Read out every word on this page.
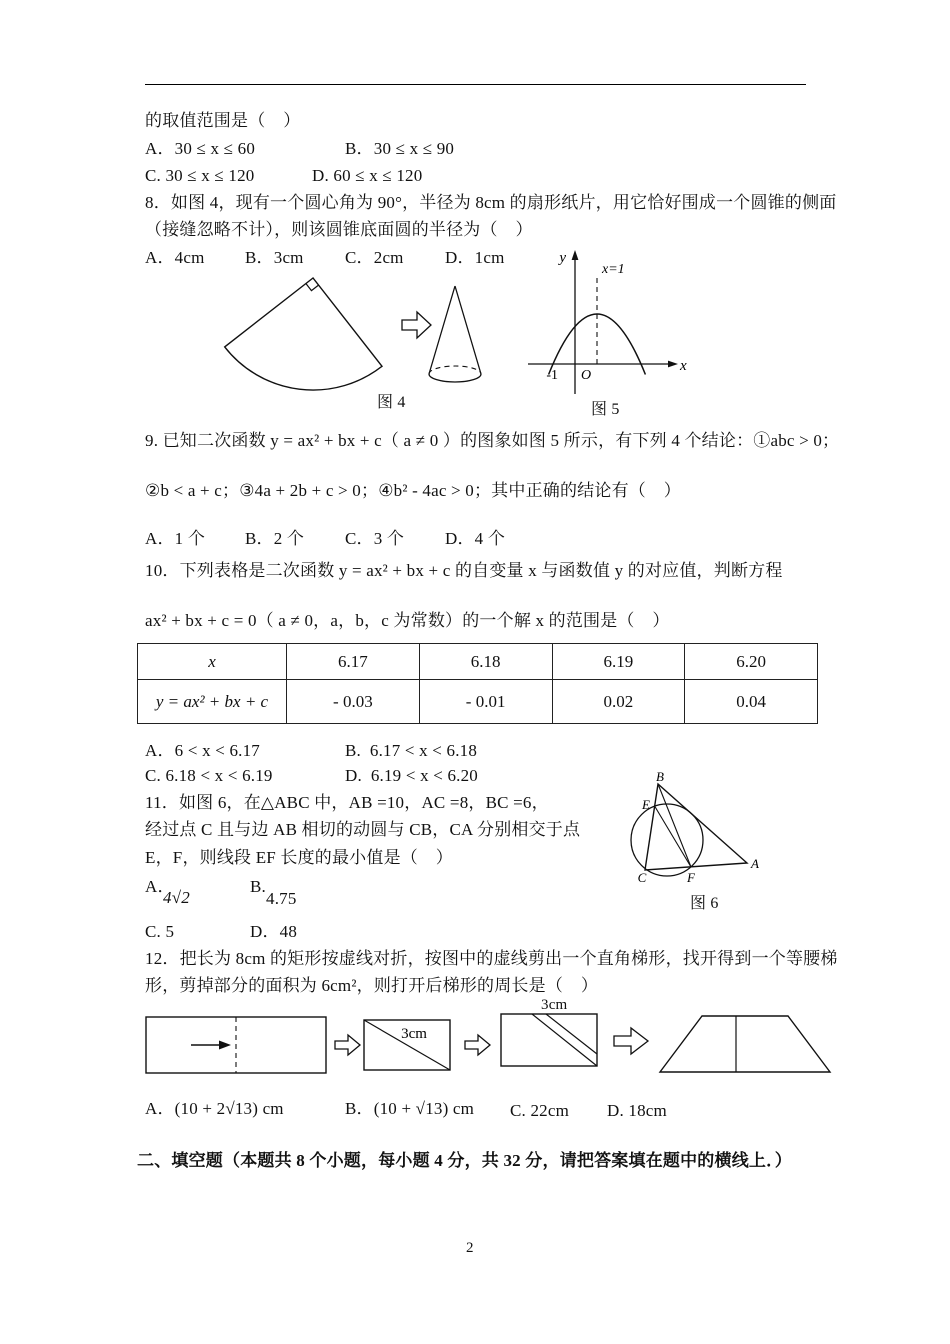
的取值范围是（    ）
A．30 ≤ x ≤ 60	B．30 ≤ x ≤ 90
C. 30 ≤ x ≤ 120	D. 60 ≤ x ≤ 120
8．如图 4，现有一个圆心角为 90°，半径为 8cm 的扇形纸片，用它恰好围成一个圆锥的侧面
（接缝忽略不计），则该圆锥底面圆的半径为（    ）
A．4cm B．3cm C．2cm D．1cm
图 4
y
x
O
-1
x=1
图 5
9. 已知二次函数 y = ax² + bx + c（ a ≠ 0 ）的图象如图 5 所示，有下列 4 个结论：①abc > 0；
②b < a + c；③4a + 2b + c > 0；④b² - 4ac > 0；其中正确的结论有（    ）
A．1 个 B．2 个 C．3 个 D．4 个
10．下列表格是二次函数 y = ax² + bx + c 的自变量 x 与函数值 y 的对应值，判断方程
ax² + bx + c = 0（ a ≠ 0，a，b，c 为常数）的一个解 x 的范围是（    ）
x	6.17	6.18	6.19	6.20
y = ax² + bx + c	- 0.03	- 0.01	0.02	0.04
A．6 < x < 6.17	B.  6.17 < x < 6.18
C. 6.18 < x < 6.19	D.  6.19 < x < 6.20
11．如图 6，在△ABC 中，AB =10，AC =8，BC =6，
经过点 C 且与边 AB 相切的动圆与 CB，CA 分别相交于点
E，F，则线段 EF 长度的最小值是（    ）
A．
4√2
B.
4.75
C. 5	D．48
B
E
C	F
A
图 6
12．把长为 8cm 的矩形按虚线对折，按图中的虚线剪出一个直角梯形，找开得到一个等腰梯
形，剪掉部分的面积为 6cm²，则打开后梯形的周长是（    ）
3cm
3cm
A．(10 + 2√13) cm	B．(10 + √13) cm C. 22cm D. 18cm
二、填空题（本题共 8 个小题，每小题 4 分，共 32 分，请把答案填在题中的横线上．）
2
